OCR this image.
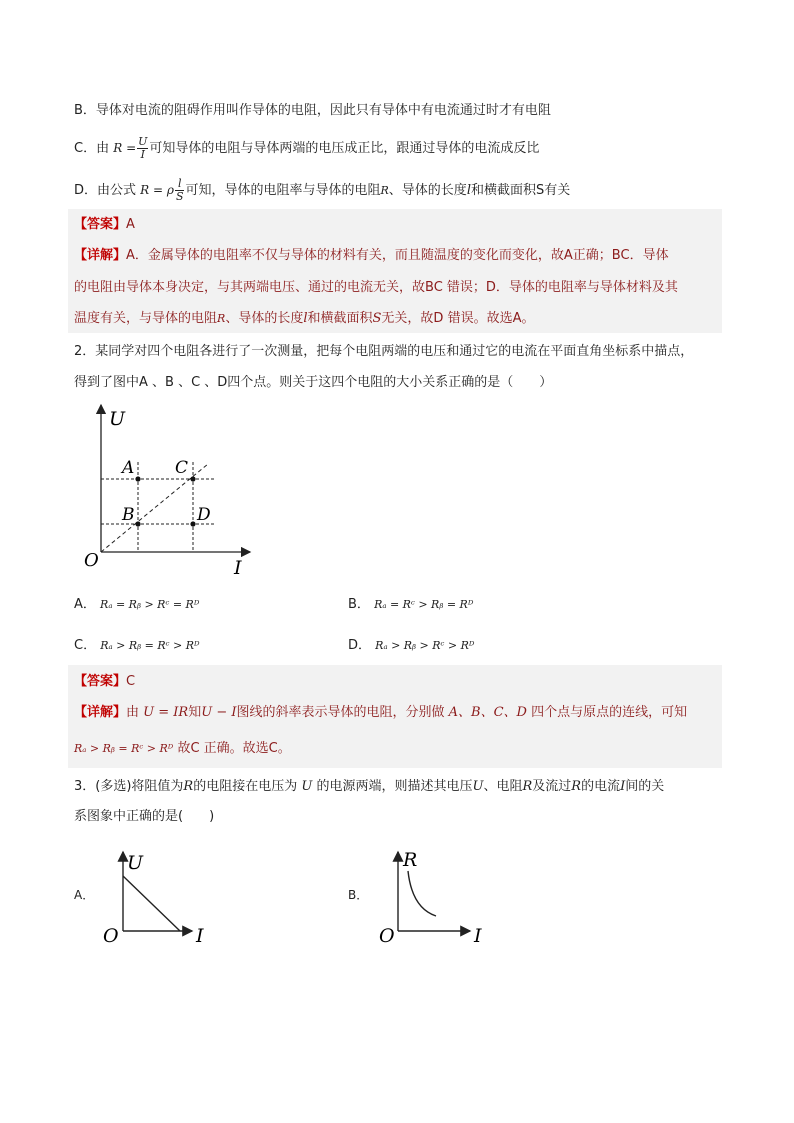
B．导体对电流的阻碍作用叫作导体的电阻，因此只有导体中有电流通过时才有电阻
C．由 $R = \frac{U}{I}$ 可知导体的电阻与导体两端的电压成正比，跟通过导体的电流成反比
D．由公式 R = ρ $\frac{l}{S}$ 可知，导体的电阻率与导体的电阻R、导体的长度l和横截面积S有关
【答案】A
【详解】A．金属导体的电阻率不仅与导体的材料有关，而且随温度的变化而变化，故A正确；BC．导体
的电阻由导体本身决定，与其两端电压、通过的电流无关，故BC 错误；D．导体的电阻率与导体材料及其
温度有关，与导体的电阻R、导体的长度l和横截面积S无关，故D 错误。故选A。
2．某同学对四个电阻各进行了一次测量，把每个电阻两端的电压和通过它的电流在平面直角坐标系中描点，
得到了图中A 、B 、C 、D四个点。则关于这四个电阻的大小关系正确的是（　　）
U
I
O
A C
B	D
A． Rₐ = Rᵦ > Rᶜ = Rᴰ	B． Rₐ = Rᶜ > Rᵦ = Rᴰ
C． Rₐ > Rᵦ = Rᶜ > Rᴰ	D． Rₐ > Rᵦ > Rᶜ > Rᴰ
【答案】C
【详解】由 U = IR知U − I图线的斜率表示导体的电阻，分别做 A、B、C、D 四个点与原点的连线，可知
Rₐ > Rᵦ = Rᶜ > Rᴰ 故C 正确。故选C。
3．(多选)将阻值为R的电阻接在电压为 U 的电源两端，则描述其电压U、电阻R及流过R的电流I间的关
系图象中正确的是(　　)
A．
U
I
O
B．
R
I
O
